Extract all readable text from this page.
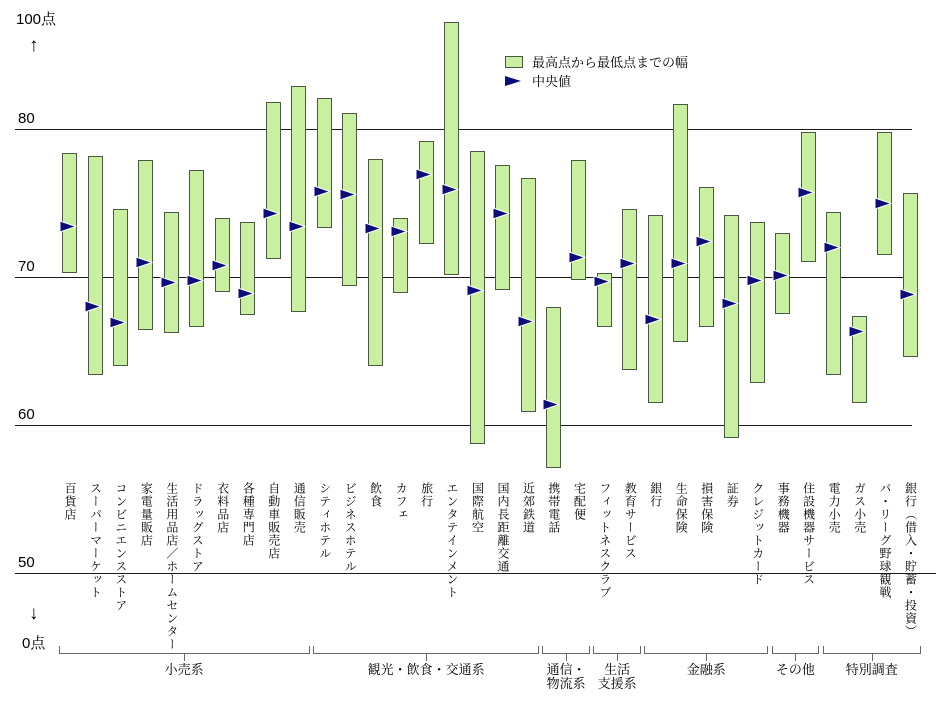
100点
↑
80
70
60
50
百貨店 スーパーマーケット コンビニエンスストア 家電量販店 生活用品店／ホームセンター ドラッグストア 衣料品店 各種専門店 自動車販売店 通信販売 シティホテル ビジネスホテル 飲食 カフェ 旅行 エンタテインメント 国際航空 国内長距離交通 近郊鉄道 携帯電話 宅配便 フィットネスクラブ 教育サービス 銀行 生命保険 損害保険 証券 クレジットカード 事務機器 住設機器サービス 電力小売 ガス小売 パ・リーグ野球観戦 銀行（借入・貯蓄・投資）
小売系	観光・飲食・交通系	通信・
物流系
生活
支援系
金融系	その他 特別調査
最高点から最低点までの幅
中央値
↓
0点
